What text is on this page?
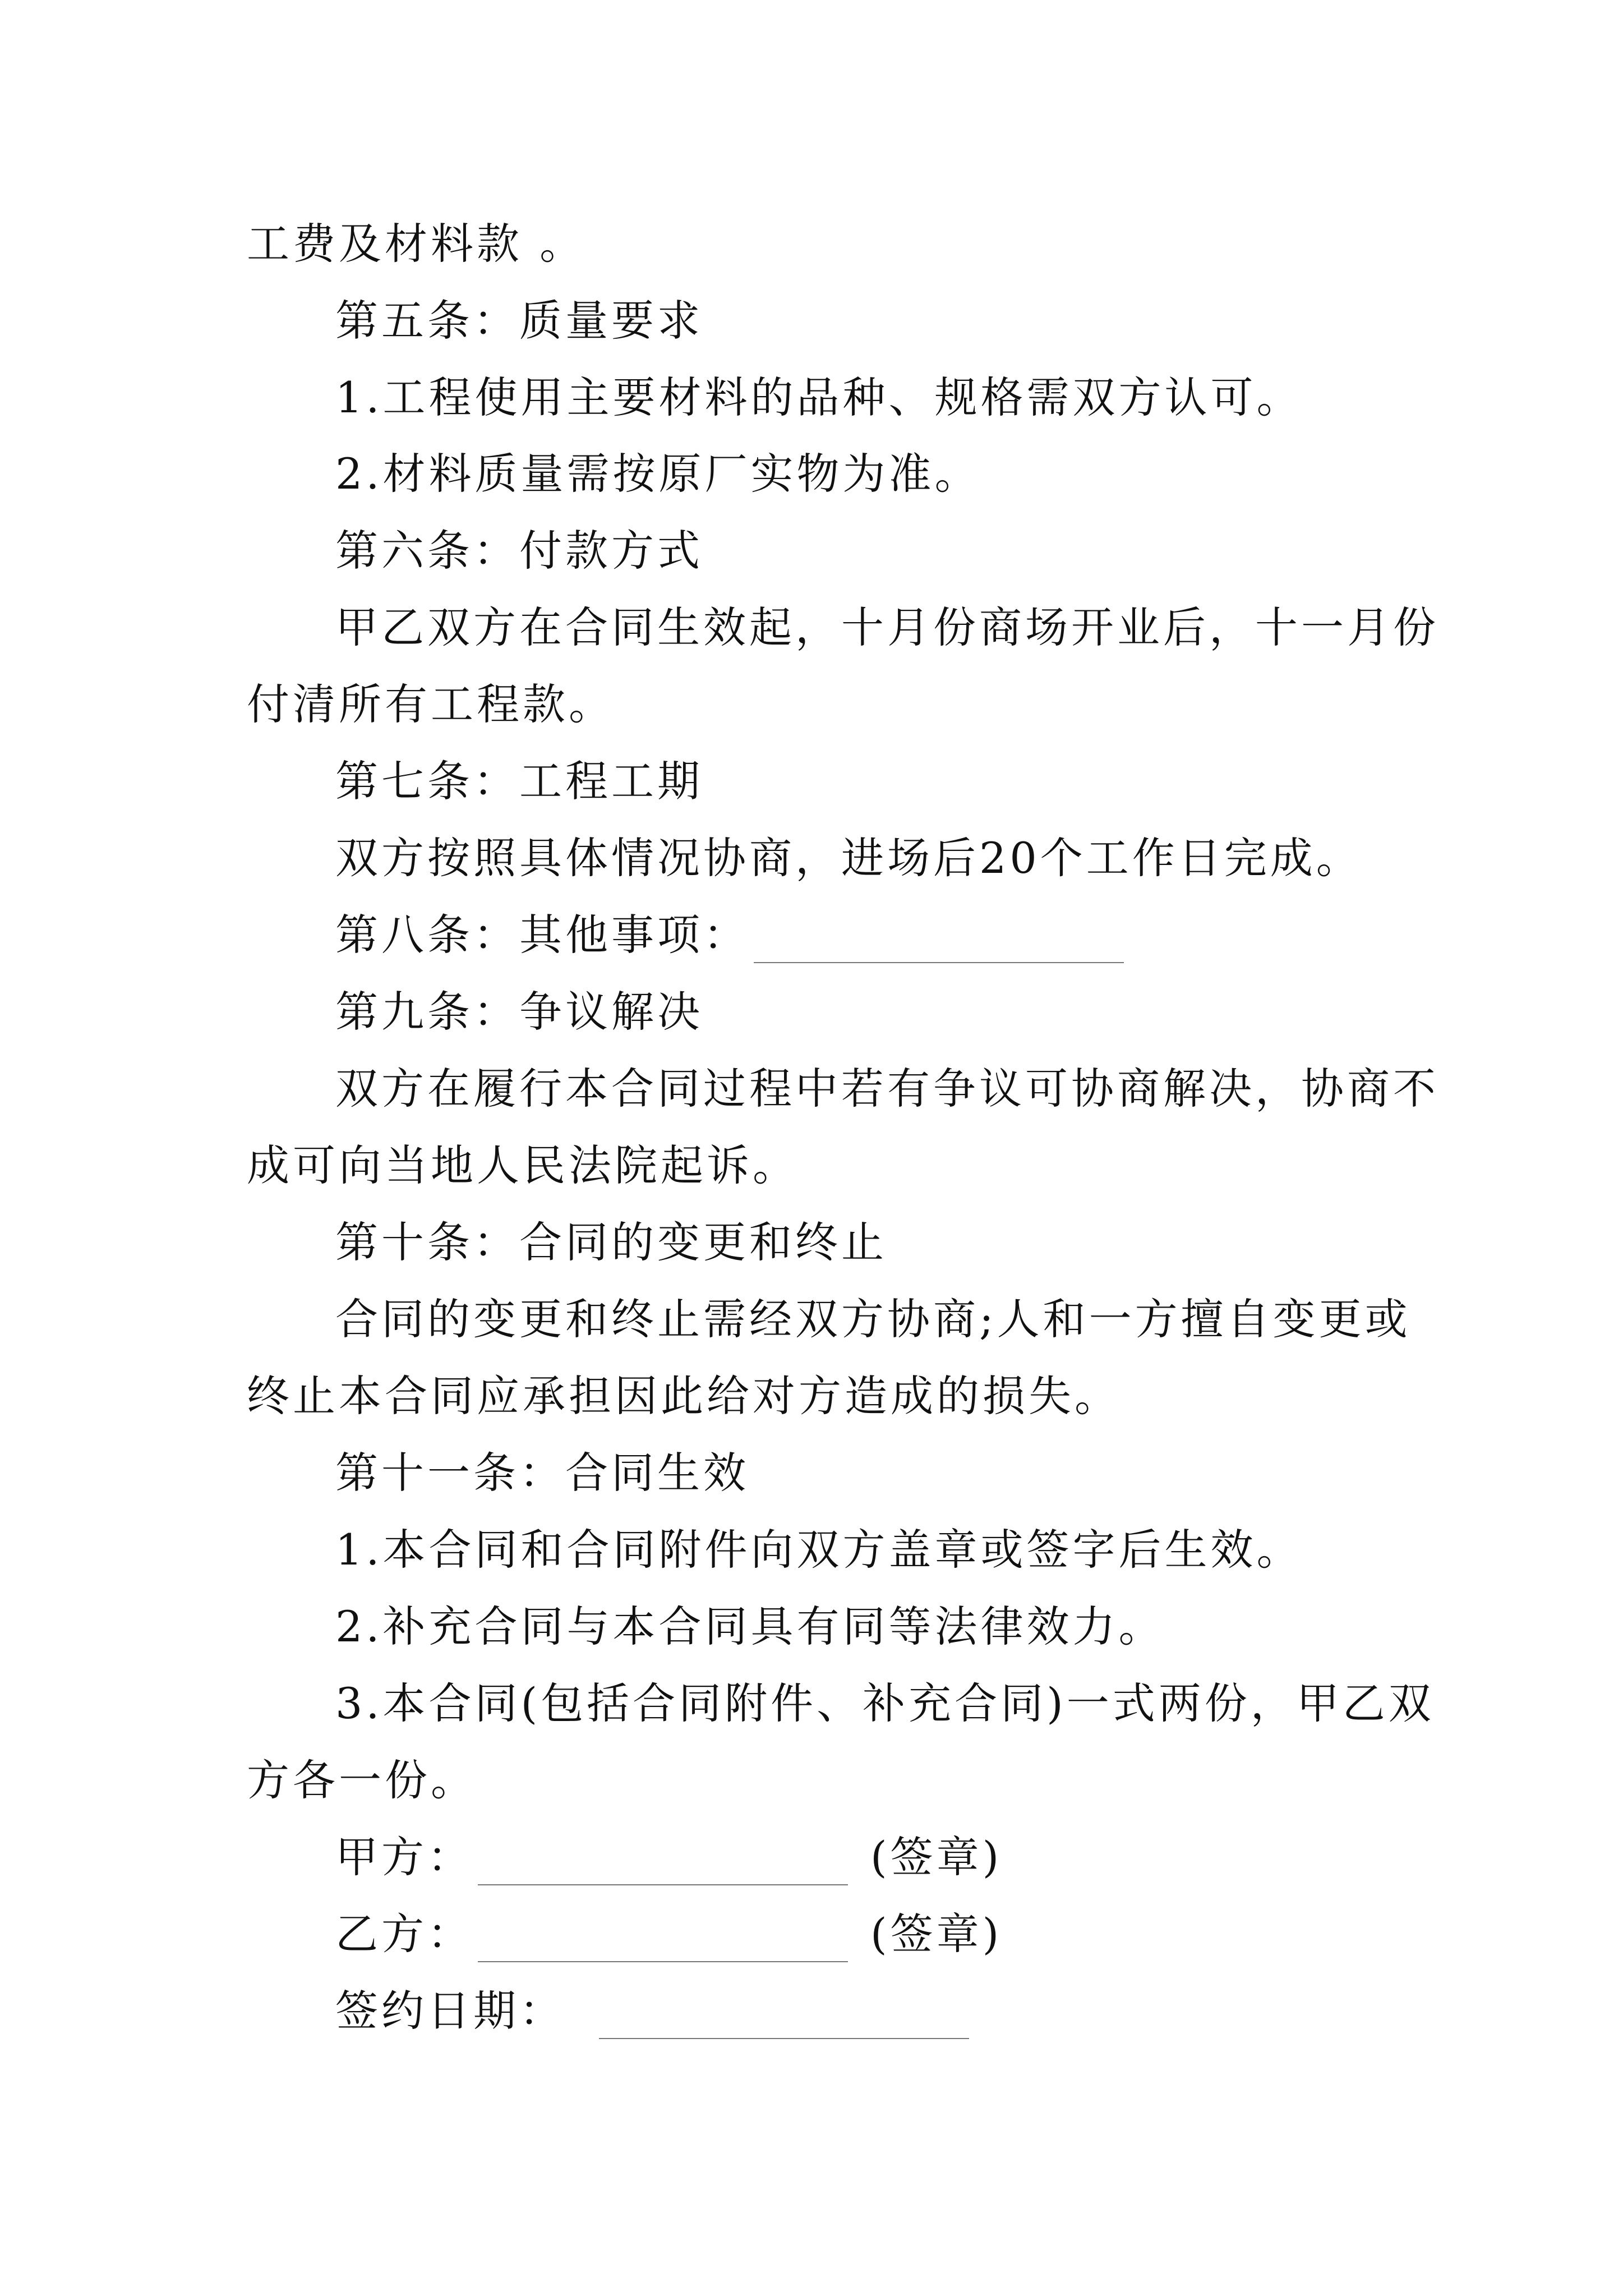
工费及材料款 。
第五条：质量要求
1.工程使用主要材料的品种、规格需双方认可。
2.材料质量需按原厂实物为准。
第六条：付款方式
甲乙双方在合同生效起，十月份商场开业后，十一月份
付清所有工程款。
第七条：工程工期
双方按照具体情况协商，进场后20个工作日完成。
第八条：其他事项：
第九条：争议解决
双方在履行本合同过程中若有争议可协商解决，协商不
成可向当地人民法院起诉。
第十条：合同的变更和终止
合同的变更和终止需经双方协商;人和一方擅自变更或
终止本合同应承担因此给对方造成的损失。
第十一条：合同生效
1.本合同和合同附件向双方盖章或签字后生效。
2.补充合同与本合同具有同等法律效力。
3.本合同(包括合同附件、补充合同)一式两份，甲乙双
方各一份。
甲方：	(签章)
乙方：	(签章)
签约日期：
